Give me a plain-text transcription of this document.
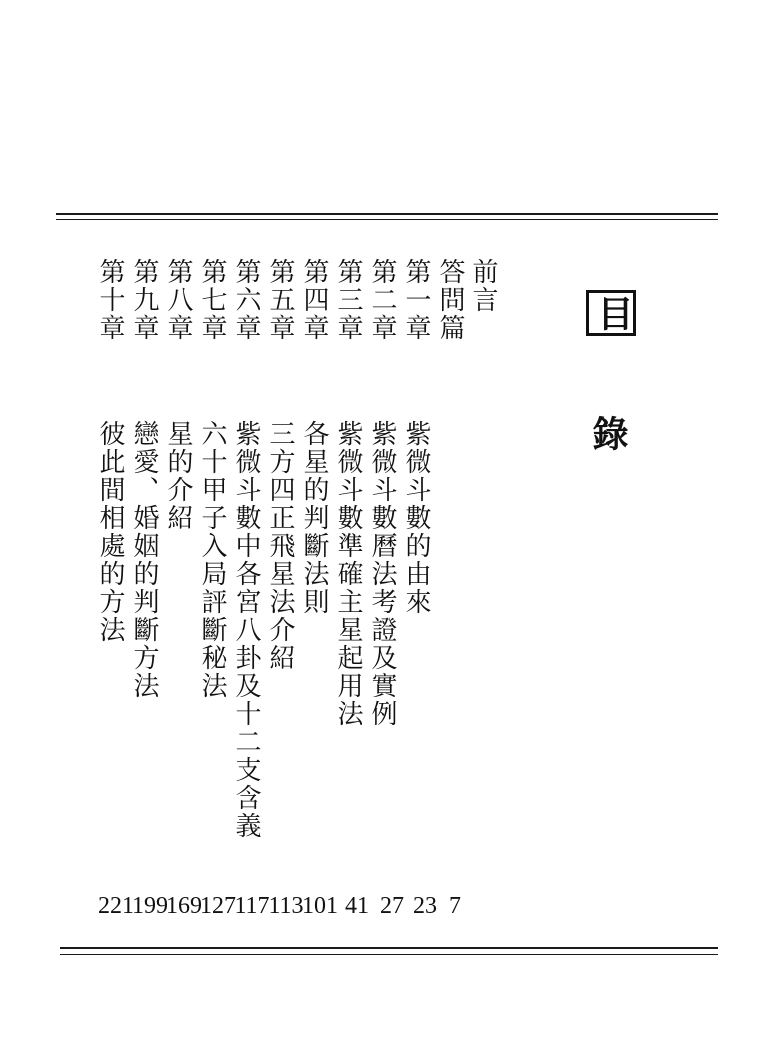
目
錄
前言
答問篇
第一章
第二章
第三章
第四章
第五章
第六章
第七章
第八章
第九章
第十章
紫微斗數的由來
紫微斗數曆法考證及實例
紫微斗數準確主星起用法
各星的判斷法則
三方四正飛星法介紹
紫微斗數中各宮八卦及十二支含義
六十甲子入局評斷秘法
星的介紹
戀愛、婚姻的判斷方法
彼此間相處的方法
7
23
27
41
101
113
117
127
169
199
221
